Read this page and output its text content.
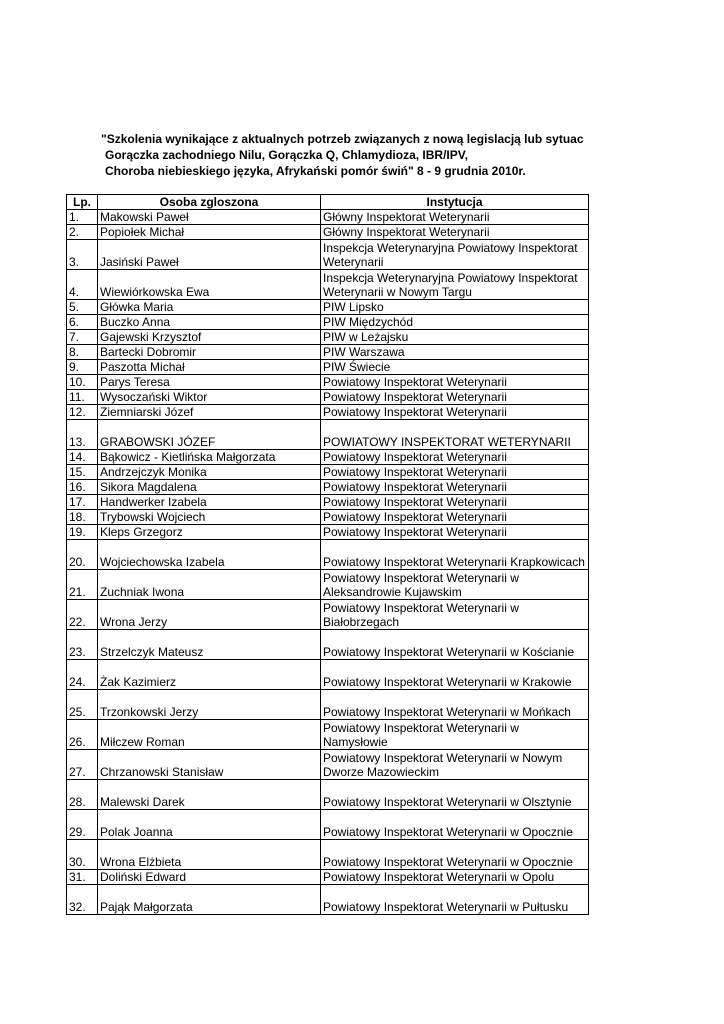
"Szkolenia wynikające z aktualnych potrzeb związanych z nową legislacją lub sytuac
Gorączka zachodniego Nilu, Gorączka Q, Chlamydioza, IBR/IPV,
Choroba niebieskiego języka, Afrykański pomór świń" 8 - 9 grudnia 2010r.
Lp.	Osoba zgloszona	Instytucja
1.	Makowski Paweł	Główny Inspektorat Weterynarii
2.	Popiołek Michał	Główny Inspektorat Weterynarii
3.	Jasiński Paweł	Inspekcja Weterynaryjna Powiatowy Inspektorat Weterynarii
4.	Wiewiórkowska Ewa	Inspekcja Weterynaryjna Powiatowy Inspektorat Weterynarii w Nowym Targu
5.	Główka Maria	PIW Lipsko
6.	Buczko Anna	PIW Międzychód
7.	Gajewski Krzysztof	PIW w Leżajsku
8.	Bartecki Dobromir	PIW Warszawa
9.	Paszotta Michał	PIW Świecie
10.	Parys Teresa	Powiatowy Inspektorat Weterynarii
11.	Wysoczański Wiktor	Powiatowy Inspektorat Weterynarii
12.	Ziemniarski Józef	Powiatowy Inspektorat Weterynarii
13.	GRABOWSKI JÓZEF	POWIATOWY INSPEKTORAT WETERYNARII
14.	Bąkowicz - Kietlińska Małgorzata	Powiatowy Inspektorat Weterynarii
15.	Andrzejczyk Monika	Powiatowy Inspektorat Weterynarii
16.	Sikora Magdalena	Powiatowy Inspektorat Weterynarii
17.	Handwerker Izabela	Powiatowy Inspektorat Weterynarii
18.	Trybowski Wojciech	Powiatowy Inspektorat Weterynarii
19.	Kleps Grzegorz	Powiatowy Inspektorat Weterynarii
20.	Wojciechowska Izabela	Powiatowy Inspektorat Weterynarii Krapkowicach
21.	Zuchniak Iwona	Powiatowy Inspektorat Weterynarii w Aleksandrowie Kujawskim
22.	Wrona Jerzy	Powiatowy Inspektorat Weterynarii w Białobrzegach
23.	Strzelczyk Mateusz	Powiatowy Inspektorat Weterynarii w Kościanie
24.	Żak Kazimierz	Powiatowy Inspektorat Weterynarii w Krakowie
25.	Trzonkowski Jerzy	Powiatowy Inspektorat Weterynarii w Mońkach
26.	Miłczew Roman	Powiatowy Inspektorat Weterynarii w Namysłowie
27.	Chrzanowski Stanisław	Powiatowy Inspektorat Weterynarii w Nowym Dworze Mazowieckim
28.	Malewski Darek	Powiatowy Inspektorat Weterynarii w Olsztynie
29.	Polak Joanna	Powiatowy Inspektorat Weterynarii w Opocznie
30.	Wrona Elżbieta	Powiatowy Inspektorat Weterynarii w Opocznie
31.	Doliński Edward	Powiatowy Inspektorat Weterynarii w Opolu
32.	Pająk Małgorzata	Powiatowy Inspektorat Weterynarii w Pułtusku
